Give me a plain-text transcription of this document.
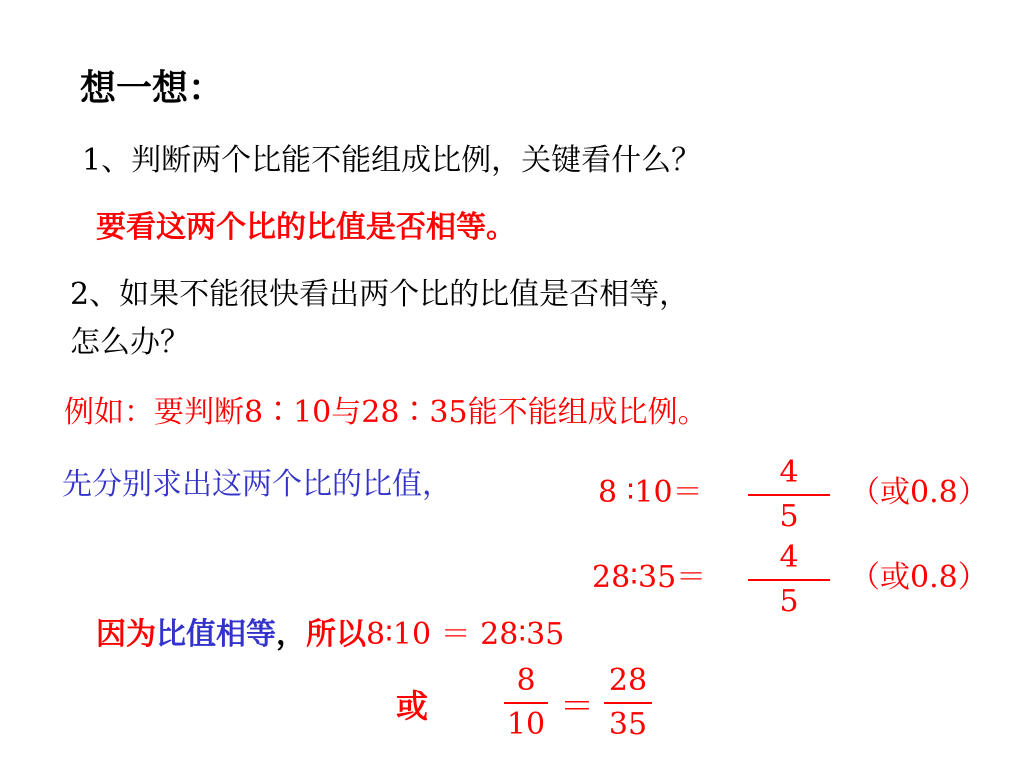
想一想：
1、判断两个比能不能组成比例，关键看什么？
要看这两个比的比值是否相等。
2、如果不能很快看出两个比的比值是否相等，
怎么办？
例如：要判断8∶10与28∶35能不能组成比例。
先分别求出这两个比的比值，	8 ∶10＝
4
5
（或0.8）
28∶35＝
4
5
（或0.8）
因为比值相等，所以8∶10 ＝ 28∶35
或
8
10 ＝
28
35
